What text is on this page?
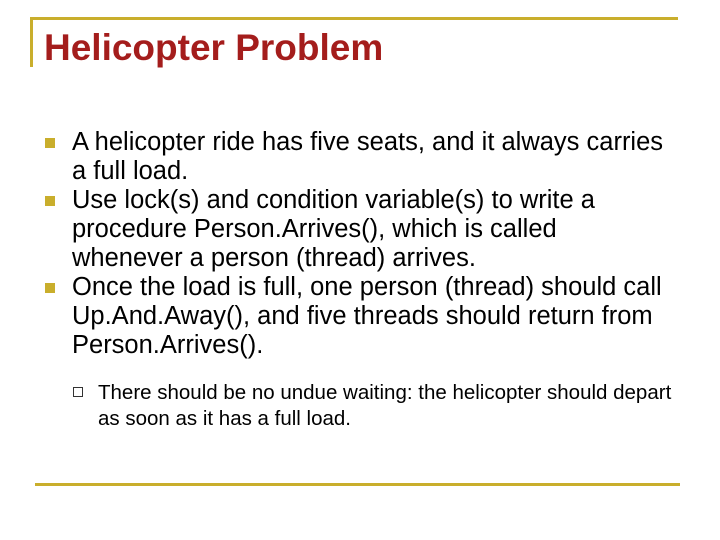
Helicopter Problem
A helicopter ride has five seats, and it always carries a full load.
Use lock(s) and condition variable(s) to write a procedure Person.Arrives(), which is called whenever a person (thread) arrives.
Once the load is full, one person (thread) should call Up.And.Away(), and five threads should return from Person.Arrives().
There should be no undue waiting: the helicopter should depart as soon as it has a full load.
